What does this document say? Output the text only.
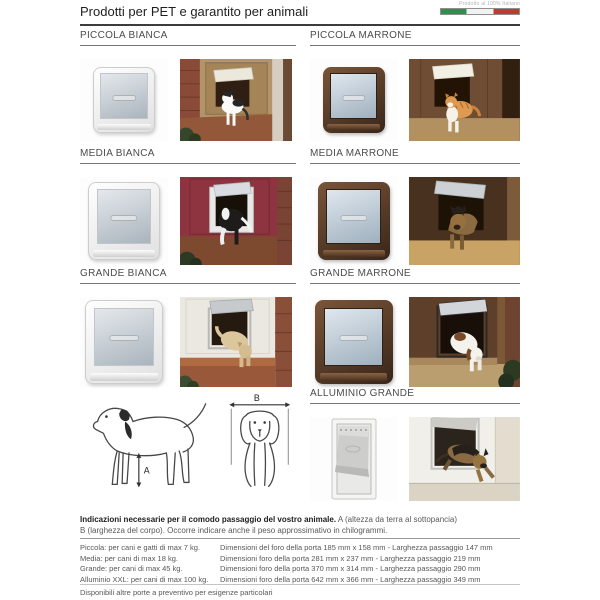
Prodotti per PET e garantito per animali	Prodotto al 100% Italiano
PICCOLA BIANCA	PICCOLA MARRONE
MEDIA BIANCA	MEDIA MARRONE
GRANDE BIANCA	GRANDE MARRONE
A
B	ALLUMINIO GRANDE
Indicazioni necessarie per il comodo passaggio del vostro animale. A (altezza da terra al sottopancia)
B (larghezza del corpo). Occorre indicare anche il peso approssimativo in chilogrammi.
Piccola: per cani e gatti di max 7 kg.	Dimensioni del foro della porta 185 mm x 158 mm - Larghezza passaggio 147 mm
Media: per cani di max 18 kg.	Dimensioni foro della porta 281 mm x 237 mm - Larghezza passaggio 219 mm
Grande: per cani di max 45 kg.	Dimensioni foro della porta 370 mm x 314 mm - Larghezza passaggio 290 mm
Alluminio XXL: per cani di max 100 kg.	Dimensioni foro della porta 642 mm x 366 mm - Larghezza passaggio 349 mm
Disponibili altre porte a preventivo per esigenze particolari
